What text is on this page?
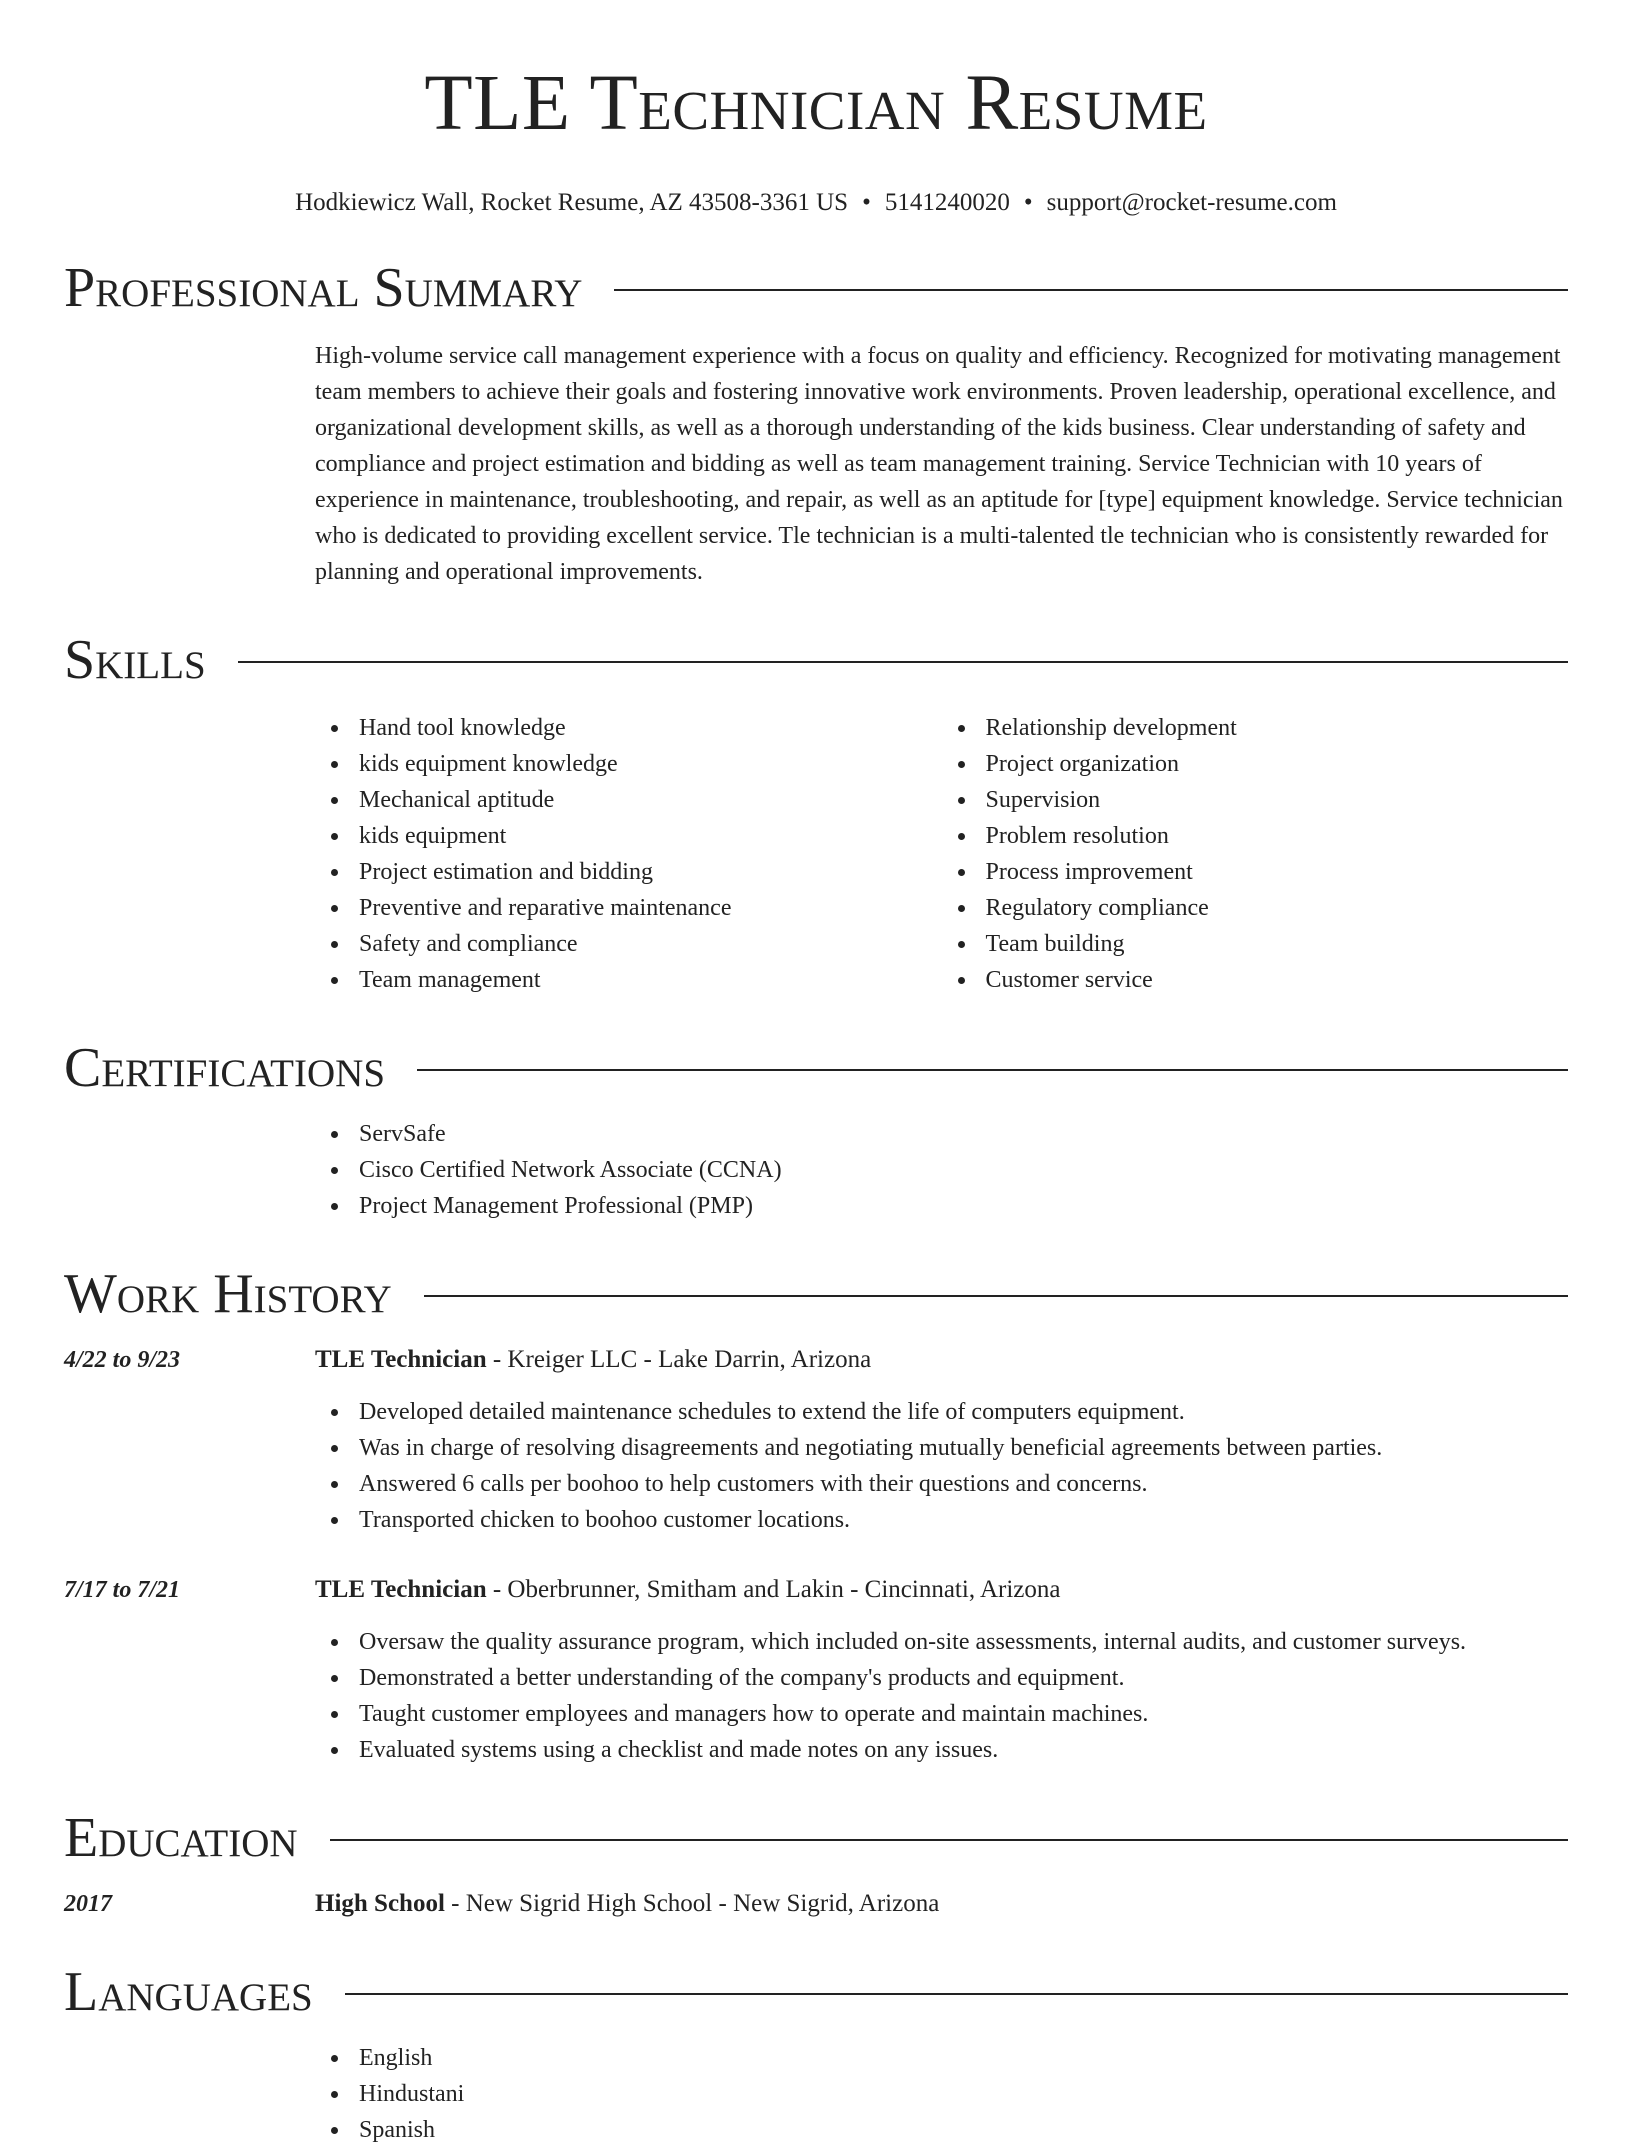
TLE Technician Resume
Hodkiewicz Wall, Rocket Resume, AZ 43508-3361 US • 5141240020 • support@rocket-resume.com
Professional Summary
High-volume service call management experience with a focus on quality and efficiency. Recognized for motivating management team members to achieve their goals and fostering innovative work environments. Proven leadership, operational excellence, and organizational development skills, as well as a thorough understanding of the kids business. Clear understanding of safety and compliance and project estimation and bidding as well as team management training. Service Technician with 10 years of experience in maintenance, troubleshooting, and repair, as well as an aptitude for [type] equipment knowledge. Service technician who is dedicated to providing excellent service. Tle technician is a multi-talented tle technician who is consistently rewarded for planning and operational improvements.
Skills
Hand tool knowledge
kids equipment knowledge
Mechanical aptitude
kids equipment
Project estimation and bidding
Preventive and reparative maintenance
Safety and compliance
Team management
Relationship development
Project organization
Supervision
Problem resolution
Process improvement
Regulatory compliance
Team building
Customer service
Certifications
ServSafe
Cisco Certified Network Associate (CCNA)
Project Management Professional (PMP)
Work History
4/22 to 9/23	TLE Technician - Kreiger LLC - Lake Darrin, Arizona
Developed detailed maintenance schedules to extend the life of computers equipment.
Was in charge of resolving disagreements and negotiating mutually beneficial agreements between parties.
Answered 6 calls per boohoo to help customers with their questions and concerns.
Transported chicken to boohoo customer locations.
7/17 to 7/21	TLE Technician - Oberbrunner, Smitham and Lakin - Cincinnati, Arizona
Oversaw the quality assurance program, which included on-site assessments, internal audits, and customer surveys.
Demonstrated a better understanding of the company's products and equipment.
Taught customer employees and managers how to operate and maintain machines.
Evaluated systems using a checklist and made notes on any issues.
Education
2017	High School - New Sigrid High School - New Sigrid, Arizona
Languages
English
Hindustani
Spanish
